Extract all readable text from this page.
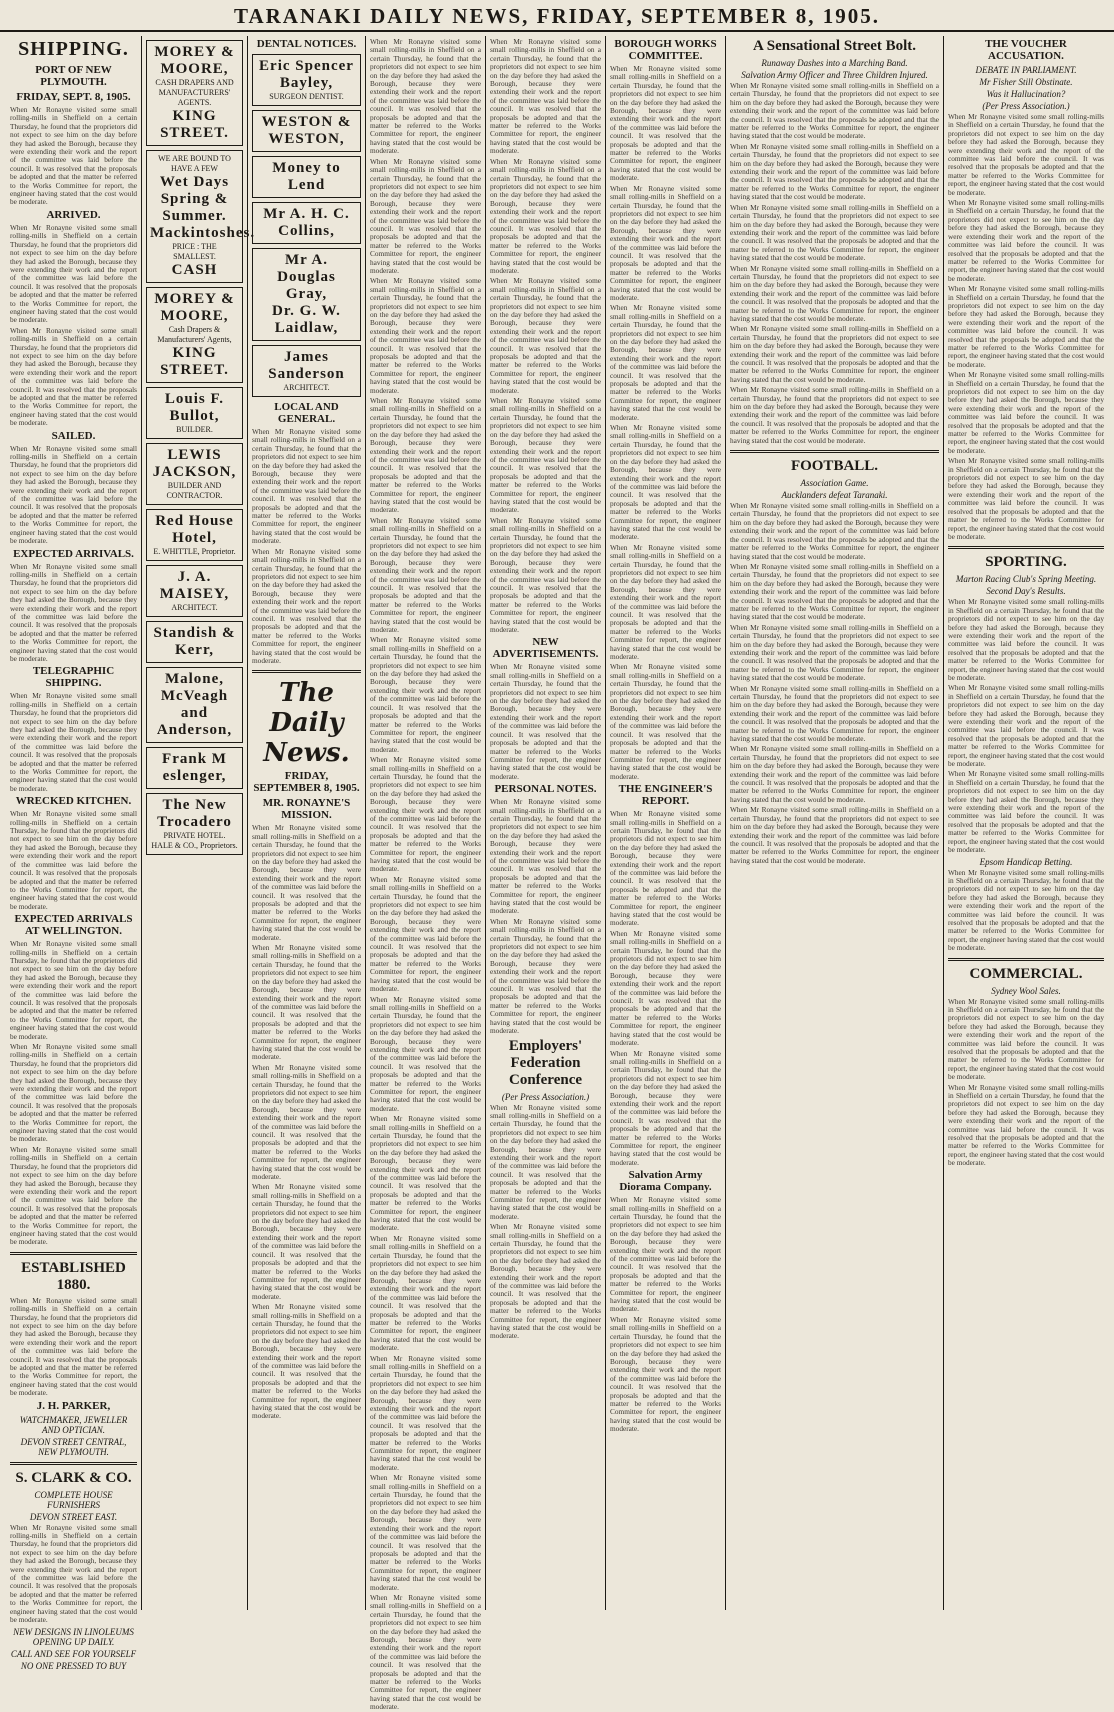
TARANAKI DAILY NEWS, FRIDAY, SEPTEMBER 8, 1905.
SHIPPING.
PORT OF NEW PLYMOUTH.
FRIDAY, SEPT. 8, 1905.
When Mr Ronayne visited some small rolling-mills in Sheffield on a certain Thursday, he found that the proprietors did not expect to see him on the day before they had asked the Borough, because they were extending their work and the report of the committee was laid before the council. It was resolved that the proposals be adopted and that the matter be referred to the Works Committee for report, the engineer having stated that the cost would be moderate.
ARRIVED.
When Mr Ronayne visited some small rolling-mills in Sheffield on a certain Thursday, he found that the proprietors did not expect to see him on the day before they had asked the Borough, because they were extending their work and the report of the committee was laid before the council. It was resolved that the proposals be adopted and that the matter be referred to the Works Committee for report, the engineer having stated that the cost would be moderate.
When Mr Ronayne visited some small rolling-mills in Sheffield on a certain Thursday, he found that the proprietors did not expect to see him on the day before they had asked the Borough, because they were extending their work and the report of the committee was laid before the council. It was resolved that the proposals be adopted and that the matter be referred to the Works Committee for report, the engineer having stated that the cost would be moderate.
SAILED.
When Mr Ronayne visited some small rolling-mills in Sheffield on a certain Thursday, he found that the proprietors did not expect to see him on the day before they had asked the Borough, because they were extending their work and the report of the committee was laid before the council. It was resolved that the proposals be adopted and that the matter be referred to the Works Committee for report, the engineer having stated that the cost would be moderate.
EXPECTED ARRIVALS.
When Mr Ronayne visited some small rolling-mills in Sheffield on a certain Thursday, he found that the proprietors did not expect to see him on the day before they had asked the Borough, because they were extending their work and the report of the committee was laid before the council. It was resolved that the proposals be adopted and that the matter be referred to the Works Committee for report, the engineer having stated that the cost would be moderate.
TELEGRAPHIC SHIPPING.
When Mr Ronayne visited some small rolling-mills in Sheffield on a certain Thursday, he found that the proprietors did not expect to see him on the day before they had asked the Borough, because they were extending their work and the report of the committee was laid before the council. It was resolved that the proposals be adopted and that the matter be referred to the Works Committee for report, the engineer having stated that the cost would be moderate.
WRECKED KITCHEN.
When Mr Ronayne visited some small rolling-mills in Sheffield on a certain Thursday, he found that the proprietors did not expect to see him on the day before they had asked the Borough, because they were extending their work and the report of the committee was laid before the council. It was resolved that the proposals be adopted and that the matter be referred to the Works Committee for report, the engineer having stated that the cost would be moderate.
EXPECTED ARRIVALS AT WELLINGTON.
When Mr Ronayne visited some small rolling-mills in Sheffield on a certain Thursday, he found that the proprietors did not expect to see him on the day before they had asked the Borough, because they were extending their work and the report of the committee was laid before the council. It was resolved that the proposals be adopted and that the matter be referred to the Works Committee for report, the engineer having stated that the cost would be moderate.
When Mr Ronayne visited some small rolling-mills in Sheffield on a certain Thursday, he found that the proprietors did not expect to see him on the day before they had asked the Borough, because they were extending their work and the report of the committee was laid before the council. It was resolved that the proposals be adopted and that the matter be referred to the Works Committee for report, the engineer having stated that the cost would be moderate.
When Mr Ronayne visited some small rolling-mills in Sheffield on a certain Thursday, he found that the proprietors did not expect to see him on the day before they had asked the Borough, because they were extending their work and the report of the committee was laid before the council. It was resolved that the proposals be adopted and that the matter be referred to the Works Committee for report, the engineer having stated that the cost would be moderate.
ESTABLISHED 1880.
When Mr Ronayne visited some small rolling-mills in Sheffield on a certain Thursday, he found that the proprietors did not expect to see him on the day before they had asked the Borough, because they were extending their work and the report of the committee was laid before the council. It was resolved that the proposals be adopted and that the matter be referred to the Works Committee for report, the engineer having stated that the cost would be moderate.
J. H. PARKER,
WATCHMAKER, JEWELLER AND OPTICIAN.
DEVON STREET CENTRAL, NEW PLYMOUTH.
S. CLARK & CO.
COMPLETE HOUSE FURNISHERS
DEVON STREET EAST.
When Mr Ronayne visited some small rolling-mills in Sheffield on a certain Thursday, he found that the proprietors did not expect to see him on the day before they had asked the Borough, because they were extending their work and the report of the committee was laid before the council. It was resolved that the proposals be adopted and that the matter be referred to the Works Committee for report, the engineer having stated that the cost would be moderate.
NEW DESIGNS IN LINOLEUMS OPENING UP DAILY.
CALL AND SEE FOR YOURSELF
NO ONE PRESSED TO BUY
MOREY & MOORE,
CASH DRAPERS AND MANUFACTURERS' AGENTS.
KING STREET.
WE ARE BOUND TO HAVE A FEW
Wet Days
Spring & Summer.
Mackintoshes.
PRICE : THE SMALLEST.
CASH
MOREY & MOORE,
Cash Drapers & Manufacturers' Agents,
KING STREET.
Louis F. Bullot,
BUILDER.
LEWIS JACKSON,
BUILDER AND CONTRACTOR.
Red House Hotel,
E. WHITTLE, Proprietor.
J. A. MAISEY,
ARCHITECT.
Standish & Kerr,
Malone, McVeagh and Anderson,
Frank M eslenger,
The New Trocadero
PRIVATE HOTEL.
HALE & CO., Proprietors.
DENTAL NOTICES.
Eric Spencer Bayley,
SURGEON DENTIST.
WESTON & WESTON,
Money to Lend
Mr A. H. C. Collins,
Mr A. Douglas Gray,
Dr. G. W. Laidlaw,
James Sanderson
ARCHITECT.
LOCAL AND GENERAL.
When Mr Ronayne visited some small rolling-mills in Sheffield on a certain Thursday, he found that the proprietors did not expect to see him on the day before they had asked the Borough, because they were extending their work and the report of the committee was laid before the council. It was resolved that the proposals be adopted and that the matter be referred to the Works Committee for report, the engineer having stated that the cost would be moderate.
When Mr Ronayne visited some small rolling-mills in Sheffield on a certain Thursday, he found that the proprietors did not expect to see him on the day before they had asked the Borough, because they were extending their work and the report of the committee was laid before the council. It was resolved that the proposals be adopted and that the matter be referred to the Works Committee for report, the engineer having stated that the cost would be moderate.
The Daily News.
FRIDAY, SEPTEMBER 8, 1905.
MR. RONAYNE'S MISSION.
When Mr Ronayne visited some small rolling-mills in Sheffield on a certain Thursday, he found that the proprietors did not expect to see him on the day before they had asked the Borough, because they were extending their work and the report of the committee was laid before the council. It was resolved that the proposals be adopted and that the matter be referred to the Works Committee for report, the engineer having stated that the cost would be moderate.
When Mr Ronayne visited some small rolling-mills in Sheffield on a certain Thursday, he found that the proprietors did not expect to see him on the day before they had asked the Borough, because they were extending their work and the report of the committee was laid before the council. It was resolved that the proposals be adopted and that the matter be referred to the Works Committee for report, the engineer having stated that the cost would be moderate.
When Mr Ronayne visited some small rolling-mills in Sheffield on a certain Thursday, he found that the proprietors did not expect to see him on the day before they had asked the Borough, because they were extending their work and the report of the committee was laid before the council. It was resolved that the proposals be adopted and that the matter be referred to the Works Committee for report, the engineer having stated that the cost would be moderate.
When Mr Ronayne visited some small rolling-mills in Sheffield on a certain Thursday, he found that the proprietors did not expect to see him on the day before they had asked the Borough, because they were extending their work and the report of the committee was laid before the council. It was resolved that the proposals be adopted and that the matter be referred to the Works Committee for report, the engineer having stated that the cost would be moderate.
When Mr Ronayne visited some small rolling-mills in Sheffield on a certain Thursday, he found that the proprietors did not expect to see him on the day before they had asked the Borough, because they were extending their work and the report of the committee was laid before the council. It was resolved that the proposals be adopted and that the matter be referred to the Works Committee for report, the engineer having stated that the cost would be moderate.
When Mr Ronayne visited some small rolling-mills in Sheffield on a certain Thursday, he found that the proprietors did not expect to see him on the day before they had asked the Borough, because they were extending their work and the report of the committee was laid before the council. It was resolved that the proposals be adopted and that the matter be referred to the Works Committee for report, the engineer having stated that the cost would be moderate.
When Mr Ronayne visited some small rolling-mills in Sheffield on a certain Thursday, he found that the proprietors did not expect to see him on the day before they had asked the Borough, because they were extending their work and the report of the committee was laid before the council. It was resolved that the proposals be adopted and that the matter be referred to the Works Committee for report, the engineer having stated that the cost would be moderate.
When Mr Ronayne visited some small rolling-mills in Sheffield on a certain Thursday, he found that the proprietors did not expect to see him on the day before they had asked the Borough, because they were extending their work and the report of the committee was laid before the council. It was resolved that the proposals be adopted and that the matter be referred to the Works Committee for report, the engineer having stated that the cost would be moderate.
When Mr Ronayne visited some small rolling-mills in Sheffield on a certain Thursday, he found that the proprietors did not expect to see him on the day before they had asked the Borough, because they were extending their work and the report of the committee was laid before the council. It was resolved that the proposals be adopted and that the matter be referred to the Works Committee for report, the engineer having stated that the cost would be moderate.
When Mr Ronayne visited some small rolling-mills in Sheffield on a certain Thursday, he found that the proprietors did not expect to see him on the day before they had asked the Borough, because they were extending their work and the report of the committee was laid before the council. It was resolved that the proposals be adopted and that the matter be referred to the Works Committee for report, the engineer having stated that the cost would be moderate.
When Mr Ronayne visited some small rolling-mills in Sheffield on a certain Thursday, he found that the proprietors did not expect to see him on the day before they had asked the Borough, because they were extending their work and the report of the committee was laid before the council. It was resolved that the proposals be adopted and that the matter be referred to the Works Committee for report, the engineer having stated that the cost would be moderate.
When Mr Ronayne visited some small rolling-mills in Sheffield on a certain Thursday, he found that the proprietors did not expect to see him on the day before they had asked the Borough, because they were extending their work and the report of the committee was laid before the council. It was resolved that the proposals be adopted and that the matter be referred to the Works Committee for report, the engineer having stated that the cost would be moderate.
When Mr Ronayne visited some small rolling-mills in Sheffield on a certain Thursday, he found that the proprietors did not expect to see him on the day before they had asked the Borough, because they were extending their work and the report of the committee was laid before the council. It was resolved that the proposals be adopted and that the matter be referred to the Works Committee for report, the engineer having stated that the cost would be moderate.
When Mr Ronayne visited some small rolling-mills in Sheffield on a certain Thursday, he found that the proprietors did not expect to see him on the day before they had asked the Borough, because they were extending their work and the report of the committee was laid before the council. It was resolved that the proposals be adopted and that the matter be referred to the Works Committee for report, the engineer having stated that the cost would be moderate.
When Mr Ronayne visited some small rolling-mills in Sheffield on a certain Thursday, he found that the proprietors did not expect to see him on the day before they had asked the Borough, because they were extending their work and the report of the committee was laid before the council. It was resolved that the proposals be adopted and that the matter be referred to the Works Committee for report, the engineer having stated that the cost would be moderate.
When Mr Ronayne visited some small rolling-mills in Sheffield on a certain Thursday, he found that the proprietors did not expect to see him on the day before they had asked the Borough, because they were extending their work and the report of the committee was laid before the council. It was resolved that the proposals be adopted and that the matter be referred to the Works Committee for report, the engineer having stated that the cost would be moderate.
When Mr Ronayne visited some small rolling-mills in Sheffield on a certain Thursday, he found that the proprietors did not expect to see him on the day before they had asked the Borough, because they were extending their work and the report of the committee was laid before the council. It was resolved that the proposals be adopted and that the matter be referred to the Works Committee for report, the engineer having stated that the cost would be moderate.
When Mr Ronayne visited some small rolling-mills in Sheffield on a certain Thursday, he found that the proprietors did not expect to see him on the day before they had asked the Borough, because they were extending their work and the report of the committee was laid before the council. It was resolved that the proposals be adopted and that the matter be referred to the Works Committee for report, the engineer having stated that the cost would be moderate.
When Mr Ronayne visited some small rolling-mills in Sheffield on a certain Thursday, he found that the proprietors did not expect to see him on the day before they had asked the Borough, because they were extending their work and the report of the committee was laid before the council. It was resolved that the proposals be adopted and that the matter be referred to the Works Committee for report, the engineer having stated that the cost would be moderate.
When Mr Ronayne visited some small rolling-mills in Sheffield on a certain Thursday, he found that the proprietors did not expect to see him on the day before they had asked the Borough, because they were extending their work and the report of the committee was laid before the council. It was resolved that the proposals be adopted and that the matter be referred to the Works Committee for report, the engineer having stated that the cost would be moderate.
When Mr Ronayne visited some small rolling-mills in Sheffield on a certain Thursday, he found that the proprietors did not expect to see him on the day before they had asked the Borough, because they were extending their work and the report of the committee was laid before the council. It was resolved that the proposals be adopted and that the matter be referred to the Works Committee for report, the engineer having stated that the cost would be moderate.
When Mr Ronayne visited some small rolling-mills in Sheffield on a certain Thursday, he found that the proprietors did not expect to see him on the day before they had asked the Borough, because they were extending their work and the report of the committee was laid before the council. It was resolved that the proposals be adopted and that the matter be referred to the Works Committee for report, the engineer having stated that the cost would be moderate.
When Mr Ronayne visited some small rolling-mills in Sheffield on a certain Thursday, he found that the proprietors did not expect to see him on the day before they had asked the Borough, because they were extending their work and the report of the committee was laid before the council. It was resolved that the proposals be adopted and that the matter be referred to the Works Committee for report, the engineer having stated that the cost would be moderate.
When Mr Ronayne visited some small rolling-mills in Sheffield on a certain Thursday, he found that the proprietors did not expect to see him on the day before they had asked the Borough, because they were extending their work and the report of the committee was laid before the council. It was resolved that the proposals be adopted and that the matter be referred to the Works Committee for report, the engineer having stated that the cost would be moderate.
NEW ADVERTISEMENTS.
When Mr Ronayne visited some small rolling-mills in Sheffield on a certain Thursday, he found that the proprietors did not expect to see him on the day before they had asked the Borough, because they were extending their work and the report of the committee was laid before the council. It was resolved that the proposals be adopted and that the matter be referred to the Works Committee for report, the engineer having stated that the cost would be moderate.
PERSONAL NOTES.
When Mr Ronayne visited some small rolling-mills in Sheffield on a certain Thursday, he found that the proprietors did not expect to see him on the day before they had asked the Borough, because they were extending their work and the report of the committee was laid before the council. It was resolved that the proposals be adopted and that the matter be referred to the Works Committee for report, the engineer having stated that the cost would be moderate.
When Mr Ronayne visited some small rolling-mills in Sheffield on a certain Thursday, he found that the proprietors did not expect to see him on the day before they had asked the Borough, because they were extending their work and the report of the committee was laid before the council. It was resolved that the proposals be adopted and that the matter be referred to the Works Committee for report, the engineer having stated that the cost would be moderate.
Employers' Federation Conference
(Per Press Association.)
When Mr Ronayne visited some small rolling-mills in Sheffield on a certain Thursday, he found that the proprietors did not expect to see him on the day before they had asked the Borough, because they were extending their work and the report of the committee was laid before the council. It was resolved that the proposals be adopted and that the matter be referred to the Works Committee for report, the engineer having stated that the cost would be moderate.
When Mr Ronayne visited some small rolling-mills in Sheffield on a certain Thursday, he found that the proprietors did not expect to see him on the day before they had asked the Borough, because they were extending their work and the report of the committee was laid before the council. It was resolved that the proposals be adopted and that the matter be referred to the Works Committee for report, the engineer having stated that the cost would be moderate.
BOROUGH WORKS COMMITTEE.
When Mr Ronayne visited some small rolling-mills in Sheffield on a certain Thursday, he found that the proprietors did not expect to see him on the day before they had asked the Borough, because they were extending their work and the report of the committee was laid before the council. It was resolved that the proposals be adopted and that the matter be referred to the Works Committee for report, the engineer having stated that the cost would be moderate.
When Mr Ronayne visited some small rolling-mills in Sheffield on a certain Thursday, he found that the proprietors did not expect to see him on the day before they had asked the Borough, because they were extending their work and the report of the committee was laid before the council. It was resolved that the proposals be adopted and that the matter be referred to the Works Committee for report, the engineer having stated that the cost would be moderate.
When Mr Ronayne visited some small rolling-mills in Sheffield on a certain Thursday, he found that the proprietors did not expect to see him on the day before they had asked the Borough, because they were extending their work and the report of the committee was laid before the council. It was resolved that the proposals be adopted and that the matter be referred to the Works Committee for report, the engineer having stated that the cost would be moderate.
When Mr Ronayne visited some small rolling-mills in Sheffield on a certain Thursday, he found that the proprietors did not expect to see him on the day before they had asked the Borough, because they were extending their work and the report of the committee was laid before the council. It was resolved that the proposals be adopted and that the matter be referred to the Works Committee for report, the engineer having stated that the cost would be moderate.
When Mr Ronayne visited some small rolling-mills in Sheffield on a certain Thursday, he found that the proprietors did not expect to see him on the day before they had asked the Borough, because they were extending their work and the report of the committee was laid before the council. It was resolved that the proposals be adopted and that the matter be referred to the Works Committee for report, the engineer having stated that the cost would be moderate.
When Mr Ronayne visited some small rolling-mills in Sheffield on a certain Thursday, he found that the proprietors did not expect to see him on the day before they had asked the Borough, because they were extending their work and the report of the committee was laid before the council. It was resolved that the proposals be adopted and that the matter be referred to the Works Committee for report, the engineer having stated that the cost would be moderate.
THE ENGINEER'S REPORT.
When Mr Ronayne visited some small rolling-mills in Sheffield on a certain Thursday, he found that the proprietors did not expect to see him on the day before they had asked the Borough, because they were extending their work and the report of the committee was laid before the council. It was resolved that the proposals be adopted and that the matter be referred to the Works Committee for report, the engineer having stated that the cost would be moderate.
When Mr Ronayne visited some small rolling-mills in Sheffield on a certain Thursday, he found that the proprietors did not expect to see him on the day before they had asked the Borough, because they were extending their work and the report of the committee was laid before the council. It was resolved that the proposals be adopted and that the matter be referred to the Works Committee for report, the engineer having stated that the cost would be moderate.
When Mr Ronayne visited some small rolling-mills in Sheffield on a certain Thursday, he found that the proprietors did not expect to see him on the day before they had asked the Borough, because they were extending their work and the report of the committee was laid before the council. It was resolved that the proposals be adopted and that the matter be referred to the Works Committee for report, the engineer having stated that the cost would be moderate.
Salvation Army Diorama Company.
When Mr Ronayne visited some small rolling-mills in Sheffield on a certain Thursday, he found that the proprietors did not expect to see him on the day before they had asked the Borough, because they were extending their work and the report of the committee was laid before the council. It was resolved that the proposals be adopted and that the matter be referred to the Works Committee for report, the engineer having stated that the cost would be moderate.
When Mr Ronayne visited some small rolling-mills in Sheffield on a certain Thursday, he found that the proprietors did not expect to see him on the day before they had asked the Borough, because they were extending their work and the report of the committee was laid before the council. It was resolved that the proposals be adopted and that the matter be referred to the Works Committee for report, the engineer having stated that the cost would be moderate.
A Sensational Street Bolt.
Runaway Dashes into a Marching Band.
Salvation Army Officer and Three Children Injured.
When Mr Ronayne visited some small rolling-mills in Sheffield on a certain Thursday, he found that the proprietors did not expect to see him on the day before they had asked the Borough, because they were extending their work and the report of the committee was laid before the council. It was resolved that the proposals be adopted and that the matter be referred to the Works Committee for report, the engineer having stated that the cost would be moderate.
When Mr Ronayne visited some small rolling-mills in Sheffield on a certain Thursday, he found that the proprietors did not expect to see him on the day before they had asked the Borough, because they were extending their work and the report of the committee was laid before the council. It was resolved that the proposals be adopted and that the matter be referred to the Works Committee for report, the engineer having stated that the cost would be moderate.
When Mr Ronayne visited some small rolling-mills in Sheffield on a certain Thursday, he found that the proprietors did not expect to see him on the day before they had asked the Borough, because they were extending their work and the report of the committee was laid before the council. It was resolved that the proposals be adopted and that the matter be referred to the Works Committee for report, the engineer having stated that the cost would be moderate.
When Mr Ronayne visited some small rolling-mills in Sheffield on a certain Thursday, he found that the proprietors did not expect to see him on the day before they had asked the Borough, because they were extending their work and the report of the committee was laid before the council. It was resolved that the proposals be adopted and that the matter be referred to the Works Committee for report, the engineer having stated that the cost would be moderate.
When Mr Ronayne visited some small rolling-mills in Sheffield on a certain Thursday, he found that the proprietors did not expect to see him on the day before they had asked the Borough, because they were extending their work and the report of the committee was laid before the council. It was resolved that the proposals be adopted and that the matter be referred to the Works Committee for report, the engineer having stated that the cost would be moderate.
When Mr Ronayne visited some small rolling-mills in Sheffield on a certain Thursday, he found that the proprietors did not expect to see him on the day before they had asked the Borough, because they were extending their work and the report of the committee was laid before the council. It was resolved that the proposals be adopted and that the matter be referred to the Works Committee for report, the engineer having stated that the cost would be moderate.
FOOTBALL.
Association Game.
Aucklanders defeat Taranaki.
When Mr Ronayne visited some small rolling-mills in Sheffield on a certain Thursday, he found that the proprietors did not expect to see him on the day before they had asked the Borough, because they were extending their work and the report of the committee was laid before the council. It was resolved that the proposals be adopted and that the matter be referred to the Works Committee for report, the engineer having stated that the cost would be moderate.
When Mr Ronayne visited some small rolling-mills in Sheffield on a certain Thursday, he found that the proprietors did not expect to see him on the day before they had asked the Borough, because they were extending their work and the report of the committee was laid before the council. It was resolved that the proposals be adopted and that the matter be referred to the Works Committee for report, the engineer having stated that the cost would be moderate.
When Mr Ronayne visited some small rolling-mills in Sheffield on a certain Thursday, he found that the proprietors did not expect to see him on the day before they had asked the Borough, because they were extending their work and the report of the committee was laid before the council. It was resolved that the proposals be adopted and that the matter be referred to the Works Committee for report, the engineer having stated that the cost would be moderate.
When Mr Ronayne visited some small rolling-mills in Sheffield on a certain Thursday, he found that the proprietors did not expect to see him on the day before they had asked the Borough, because they were extending their work and the report of the committee was laid before the council. It was resolved that the proposals be adopted and that the matter be referred to the Works Committee for report, the engineer having stated that the cost would be moderate.
When Mr Ronayne visited some small rolling-mills in Sheffield on a certain Thursday, he found that the proprietors did not expect to see him on the day before they had asked the Borough, because they were extending their work and the report of the committee was laid before the council. It was resolved that the proposals be adopted and that the matter be referred to the Works Committee for report, the engineer having stated that the cost would be moderate.
When Mr Ronayne visited some small rolling-mills in Sheffield on a certain Thursday, he found that the proprietors did not expect to see him on the day before they had asked the Borough, because they were extending their work and the report of the committee was laid before the council. It was resolved that the proposals be adopted and that the matter be referred to the Works Committee for report, the engineer having stated that the cost would be moderate.
THE VOUCHER ACCUSATION.
DEBATE IN PARLIAMENT.
Mr Fisher Still Obstinate.
Was it Hallucination?
(Per Press Association.)
When Mr Ronayne visited some small rolling-mills in Sheffield on a certain Thursday, he found that the proprietors did not expect to see him on the day before they had asked the Borough, because they were extending their work and the report of the committee was laid before the council. It was resolved that the proposals be adopted and that the matter be referred to the Works Committee for report, the engineer having stated that the cost would be moderate.
When Mr Ronayne visited some small rolling-mills in Sheffield on a certain Thursday, he found that the proprietors did not expect to see him on the day before they had asked the Borough, because they were extending their work and the report of the committee was laid before the council. It was resolved that the proposals be adopted and that the matter be referred to the Works Committee for report, the engineer having stated that the cost would be moderate.
When Mr Ronayne visited some small rolling-mills in Sheffield on a certain Thursday, he found that the proprietors did not expect to see him on the day before they had asked the Borough, because they were extending their work and the report of the committee was laid before the council. It was resolved that the proposals be adopted and that the matter be referred to the Works Committee for report, the engineer having stated that the cost would be moderate.
When Mr Ronayne visited some small rolling-mills in Sheffield on a certain Thursday, he found that the proprietors did not expect to see him on the day before they had asked the Borough, because they were extending their work and the report of the committee was laid before the council. It was resolved that the proposals be adopted and that the matter be referred to the Works Committee for report, the engineer having stated that the cost would be moderate.
When Mr Ronayne visited some small rolling-mills in Sheffield on a certain Thursday, he found that the proprietors did not expect to see him on the day before they had asked the Borough, because they were extending their work and the report of the committee was laid before the council. It was resolved that the proposals be adopted and that the matter be referred to the Works Committee for report, the engineer having stated that the cost would be moderate.
SPORTING.
Marton Racing Club's Spring Meeting.
Second Day's Results.
When Mr Ronayne visited some small rolling-mills in Sheffield on a certain Thursday, he found that the proprietors did not expect to see him on the day before they had asked the Borough, because they were extending their work and the report of the committee was laid before the council. It was resolved that the proposals be adopted and that the matter be referred to the Works Committee for report, the engineer having stated that the cost would be moderate.
When Mr Ronayne visited some small rolling-mills in Sheffield on a certain Thursday, he found that the proprietors did not expect to see him on the day before they had asked the Borough, because they were extending their work and the report of the committee was laid before the council. It was resolved that the proposals be adopted and that the matter be referred to the Works Committee for report, the engineer having stated that the cost would be moderate.
When Mr Ronayne visited some small rolling-mills in Sheffield on a certain Thursday, he found that the proprietors did not expect to see him on the day before they had asked the Borough, because they were extending their work and the report of the committee was laid before the council. It was resolved that the proposals be adopted and that the matter be referred to the Works Committee for report, the engineer having stated that the cost would be moderate.
Epsom Handicap Betting.
When Mr Ronayne visited some small rolling-mills in Sheffield on a certain Thursday, he found that the proprietors did not expect to see him on the day before they had asked the Borough, because they were extending their work and the report of the committee was laid before the council. It was resolved that the proposals be adopted and that the matter be referred to the Works Committee for report, the engineer having stated that the cost would be moderate.
COMMERCIAL.
Sydney Wool Sales.
When Mr Ronayne visited some small rolling-mills in Sheffield on a certain Thursday, he found that the proprietors did not expect to see him on the day before they had asked the Borough, because they were extending their work and the report of the committee was laid before the council. It was resolved that the proposals be adopted and that the matter be referred to the Works Committee for report, the engineer having stated that the cost would be moderate.
When Mr Ronayne visited some small rolling-mills in Sheffield on a certain Thursday, he found that the proprietors did not expect to see him on the day before they had asked the Borough, because they were extending their work and the report of the committee was laid before the council. It was resolved that the proposals be adopted and that the matter be referred to the Works Committee for report, the engineer having stated that the cost would be moderate.
